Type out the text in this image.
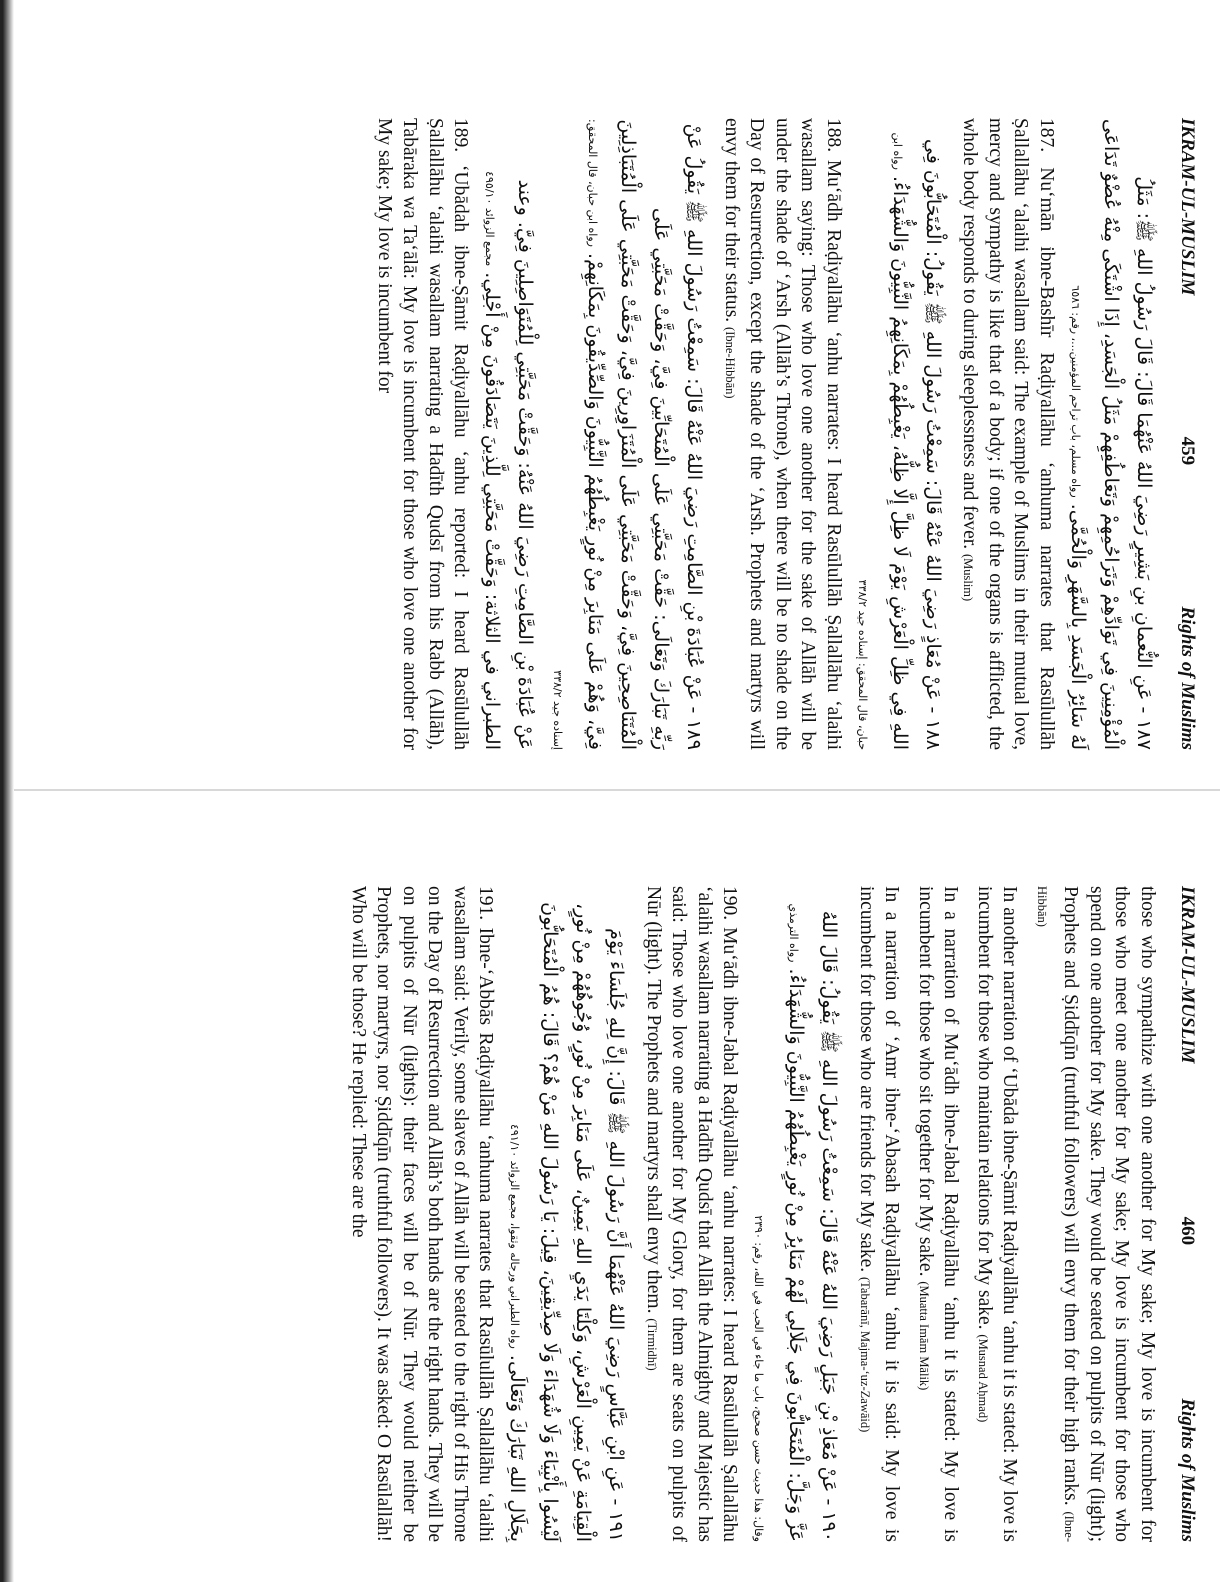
IKRAM-UL-MUSLIM
459
Rights of Muslims

١٨٧ - عَنِ النُّعمانِ بنِ بَشِيرٍ رَضِيَ اللهُ عَنْهُمَا قَالَ: قَالَ رَسُولُ اللهِ ﷺ: مَثَلُ الْمُؤْمِنِينَ فِي تَوَادِّهِمْ وَتَرَاحُمِهِمْ وَتَعَاطُفِهِمْ مَثَلُ الْجَسَدِ، إِذَا اشْتَكَى مِنْهُ عُضْوٌ تَدَاعَى لَهُ سَائِرُ الْجَسَدِ بِالسَّهَرِ وَالْحُمَّى. رواه مسلم، باب تراحم المؤمنين...، رقم: ٦٥٨٦

187. Nu‘mān ibne-Bashīr Raḍiyallāhu ‘anhuma narrates that Rasūlullāh Ṣallallāhu ‘alaihi wasallam said: The example of Muslims in their mutual love, mercy and sympathy is like that of a body; if one of the organs is afflicted, the whole body responds to during sleeplessness and fever. (Muslim)

١٨٨ - عَنْ مُعَاذٍ رَضِيَ اللهُ عَنْهُ قَالَ: سَمِعْتُ رَسُولَ اللهِ ﷺ يَقُولُ: الْمُتَحَابُّونَ فِي اللهِ فِي ظِلِّ الْعَرْشِ يَوْمَ لَا ظِلَّ إِلَّا ظِلُّهُ، يَغْبِطُهُمْ بِمَكَانِهِمُ النَّبِيُّونَ وَالشُّهَدَاءُ. رواه ابن حبان، قال المحقق: إسناده جيد ٣٣٨/٢

188. Mu‘ādh Raḍiyallāhu ‘anhu narrates: I heard Rasūlullāh Ṣallallāhu ‘alaihi wasallam saying: Those who love one another for the sake of Allāh will be under the shade of ‘Arsh (Allāh’s Throne), when there will be no shade on the Day of Resurrection, except the shade of the ‘Arsh. Prophets and martyrs will envy them for their status. (Ibne-Hibbān)

١٨٩ - عَنْ عُبَادَةَ بْنِ الصَّامِتِ رَضِيَ اللهُ عَنْهُ قَالَ: سَمِعْتُ رَسُولَ اللهِ ﷺ يَقُولُ عَنْ رَبِّهِ تَبَارَكَ وَتَعَالَى: حَقَّتْ مَحَبَّتِي عَلَى الْمُتَحَابِّينَ فِيَّ، وَحَقَّتْ مَحَبَّتِي عَلَى الْمُتَنَاصِحِينَ فِيَّ، وَحَقَّتْ مَحَبَّتِي عَلَى الْمُتَزَاوِرِينَ فِيَّ، وَحَقَّتْ مَحَبَّتِي عَلَى الْمُتَبَاذِلِينَ فِيَّ، وَهُمْ عَلَى مَنَابِرَ مِنْ نُورٍ يَغْبِطُهُمُ النَّبِيُّونَ وَالصِّدِّيقُونَ بِمَكَانِهِمْ. رواه ابن حبان، قال المحقق: إسناده جيد ٣٣٨/٢

عَنْ عُبَادَةَ بْنِ الصَّامِتِ رَضِيَ اللهُ عَنْهُ: وَحَقَّتْ مَحَبَّتِي لِلْمُتَوَاصِلِينَ فِيَّ. وعند الطبراني في الثلاثة: وَحَقَّتْ مَحَبَّتِي لِلَّذِينَ يَتَصَادَقُونَ مِنْ أَجْلِي. مجمع الزوائد ٤٩٥/١٠

189. ‘Ubādah ibne-Ṣāmit Raḍiyallāhu ‘anhu reported: I heard Rasūlullāh Ṣallallāhu ‘alaihi wasallam narrating a Hadīth Qudsī from his Rabb (Allāh), Tabāraka wa Ta‘ālā: My love is incumbent for those who love one another for My sake; My love is incumbent for

IKRAM-UL-MUSLIM
460
Rights of Muslims

those who sympathize with one another for My sake; My love is incumbent for those who meet one another for My sake; My love is incumbent for those who spend on one another for My sake. They would be seated on pulpits of Nūr (light); Prophets and Ṣiddīqīn (truthful followers) will envy them for their high ranks. (Ibne-Hibbān)

In another narration of ‘Ubāda ibne-Ṣāmit Raḍiyallāhu ‘anhu it is stated: My love is incumbent for those who maintain relations for My sake. (Musnad Aḥmad)

In a narration of Mu‘ādh ibne-Jabal Raḍiyallāhu ‘anhu it is stated: My love is incumbent for those who sit together for My sake. (Muatta Imām Mālik)

In a narration of ‘Amr ibne-‘Abasah Raḍiyallāhu ‘anhu it is said: My love is incumbent for those who are friends for My sake. (Tabarānī, Majma-‘uz-Zawāid)

١٩٠ - عَنْ مُعَاذِ بْنِ جَبَلٍ رَضِيَ اللهُ عَنْهُ قَالَ: سَمِعْتُ رَسُولَ اللهِ ﷺ يَقُولُ: قَالَ اللهُ عَزَّ وَجَلَّ: الْمُتَحَابُّونَ فِي جَلَالِي لَهُمْ مَنَابِرُ مِنْ نُورٍ يَغْبِطُهُمُ النَّبِيُّونَ وَالشُّهَدَاءُ. رواه الترمذي وقال: هذا حديث حسن صحيح، باب ما جاء في الحب في الله، رقم: ٢٣٩٠

190. Mu‘ādh ibne-Jabal Raḍiyallāhu ‘anhu narrates: I heard Rasūlullāh Ṣallallāhu ‘alaihi wasallam narrating a Hadīth Qudsī that Allāh the Almighty and Majestic has said: Those who love one another for My Glory, for them are seats on pulpits of Nūr (light). The Prophets and martyrs shall envy them. (Tirmidhī)

١٩١ - عَنِ ابْنِ عَبَّاسٍ رَضِيَ اللهُ عَنْهُمَا أَنَّ رَسُولَ اللهِ ﷺ قَالَ: إِنَّ لِلهِ جُلَسَاءَ يَوْمَ الْقِيَامَةِ عَنْ يَمِينِ الْعَرْشِ، وَكِلْتَا يَدَيِ اللهِ يَمِينٌ، عَلَى مَنَابِرَ مِنْ نُورٍ، وُجُوهُهُمْ مِنْ نُورٍ، لَيْسُوا بِأَنْبِيَاءَ وَلَا شُهَدَاءَ وَلَا صِدِّيقِينَ، قِيلَ: يَا رَسُولَ اللهِ مَنْ هُمْ؟ قَالَ: هُمُ الْمُتَحَابُّونَ بِجَلَالِ اللهِ تَبَارَكَ وَتَعَالَى. رواه الطبراني ورجاله وثقوا، مجمع الزوائد ٤٩١/١٠

191. Ibne-‘Abbās Raḍiyallāhu ‘anhuma narrates that Rasūlullāh Ṣallallāhu ‘alaihi wasallam said: Verily, some slaves of Allāh will be seated to the right of His Throne on the Day of Resurrection and Allāh’s both hands are the right hands. They will be on pulpits of Nūr (lights): their faces will be of Nūr. They would neither be Prophets, nor martyrs, nor Ṣiddīqīn (truthful followers). It was asked: O Rasūlallāh! Who will be those? He replied: These are the
